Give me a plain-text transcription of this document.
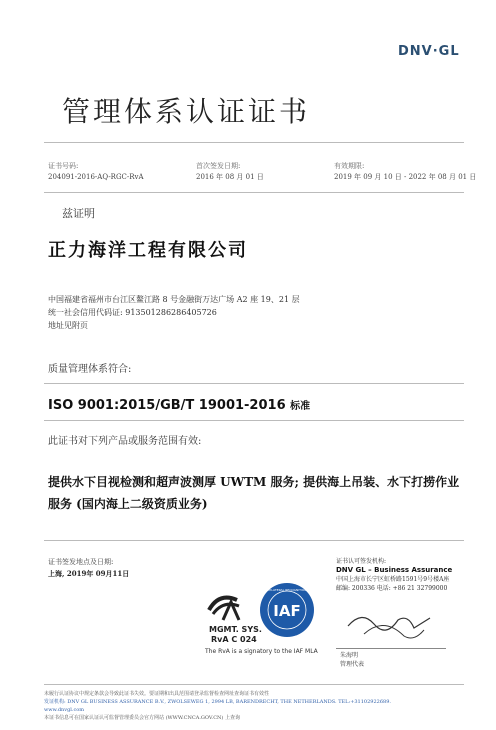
DNV·GL
管理体系认证证书
证书号码:
204091-2016-AQ-RGC-RvA
首次签发日期:
2016 年 08 月 01 日
有效期限:
2019 年 09 月 10 日 - 2022 年 08 月 01 日
兹证明
正力海洋工程有限公司
中国福建省福州市台江区鳌江路 8 号金融街万达广场 A2 座 19、21 层
统一社会信用代码证: 913501286286405726
地址见附页
质量管理体系符合:
ISO 9001:2015/GB/T 19001-2016 标准
此证书对下列产品或服务范围有效:
提供水下目视检测和超声波测厚 UWTM 服务; 提供海上吊装、水下打捞作业服务 (国内海上二级资质业务)
证书签发地点及日期:
上海, 2019年 09月11日
MGMT. SYS.
RvA C 024
MEMBER OF MULTILATERAL RECOGNITION ARRANGEMENT
IAF
The RvA is a signatory to the IAF MLA
证书认可签发机构:
DNV GL – Business Assurance
中国上海市长宁区虹桥路1591号9号楼A座
邮编: 200336 电话: +86 21 32799000
朱海明
管理代表
未履行认证协议中规定条款会导致此证书失效。要证期和出具范围请登录监督检查网址查询证书有效性
发证机构: DNV GL BUSINESS ASSURANCE B.V., ZWOLSEWEG 1, 2994 LB, BARENDRECHT, THE NETHERLANDS. TEL:+31102922689.
www.dnvgl.com
本证书信息可在国家认证认可监督管理委员会官方网站 (WWW.CNCA.GOV.CN) 上查询
